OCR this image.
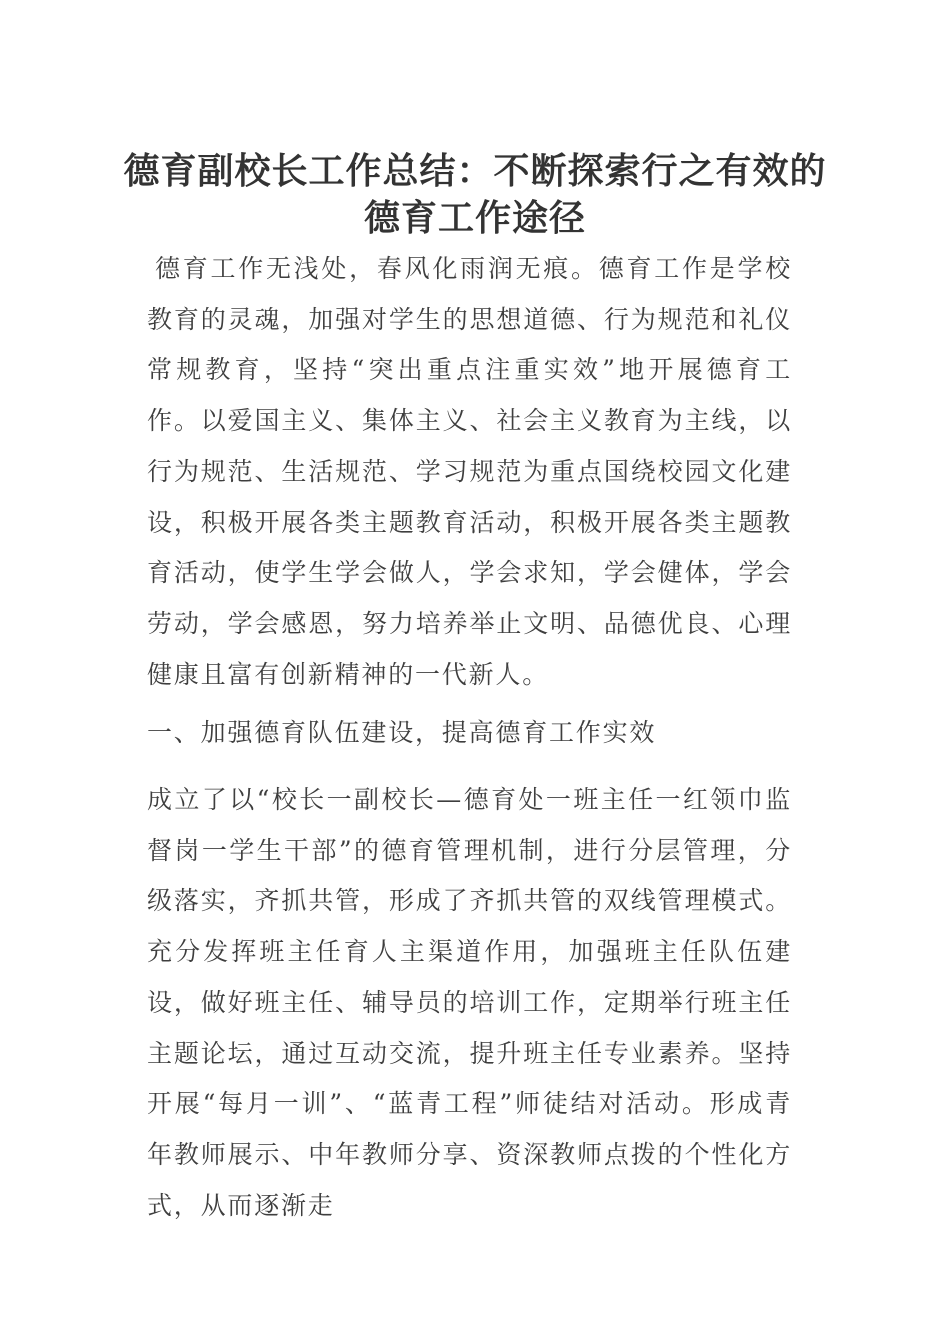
德育副校长工作总结：不断探索行之有效的德育工作途径

德育工作无浅处，春风化雨润无痕。德育工作是学校教育的灵魂，加强对学生的思想道德、行为规范和礼仪常规教育，坚持“突出重点注重实效”地开展德育工作。以爱国主义、集体主义、社会主义教育为主线，以行为规范、生活规范、学习规范为重点国绕校园文化建设，积极开展各类主题教育活动，积极开展各类主题教育活动，使学生学会做人，学会求知，学会健体，学会劳动，学会感恩，努力培养举止文明、品德优良、心理健康且富有创新精神的一代新人。

一、加强德育队伍建设，提高德育工作实效

成立了以“校长一副校长—德育处一班主任一红领巾监督岗一学生干部”的德育管理机制，进行分层管理，分级落实，齐抓共管，形成了齐抓共管的双线管理模式。充分发挥班主任育人主渠道作用，加强班主任队伍建设，做好班主任、辅导员的培训工作，定期举行班主任主题论坛，通过互动交流，提升班主任专业素养。坚持开展“每月一训”、“蓝青工程”师徒结对活动。形成青年教师展示、中年教师分享、资深教师点拨的个性化方式，从而逐渐走
